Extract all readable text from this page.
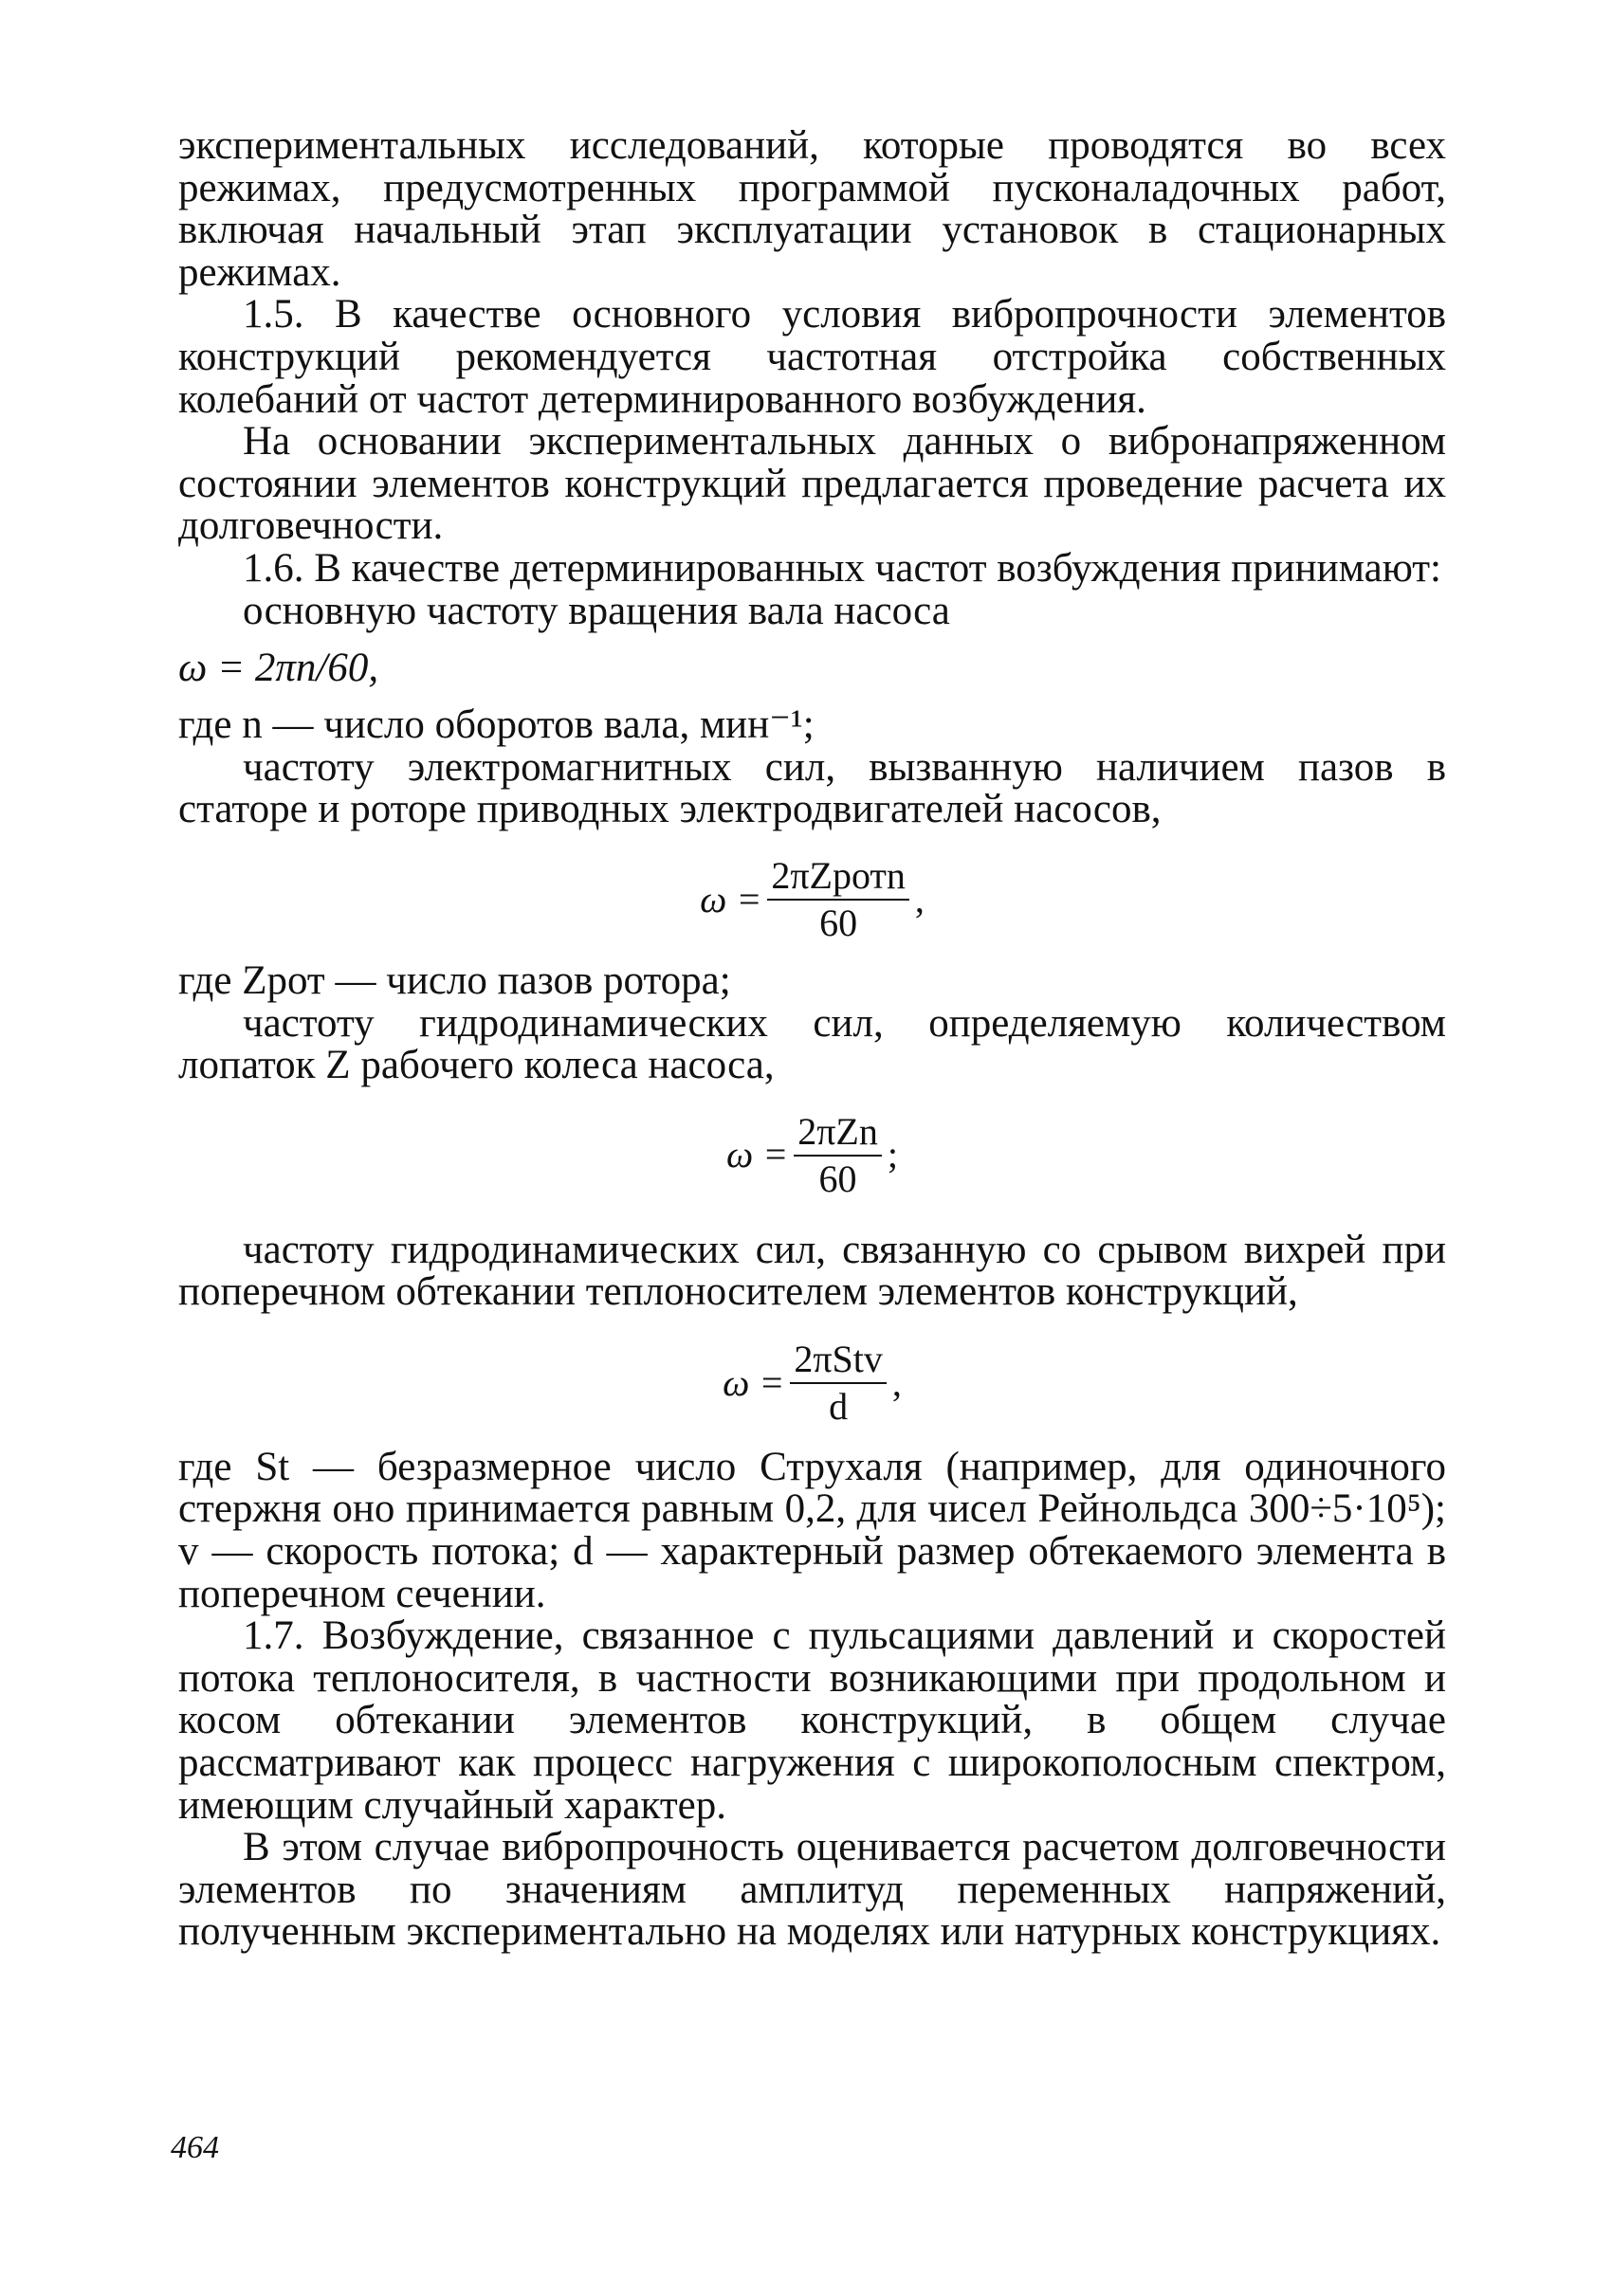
экспериментальных исследований, которые проводятся во всех режимах, предусмотренных программой пусконаладочных работ, включая начальный этап эксплуатации установок в стационарных режимах.

1.5. В качестве основного условия вибропрочности элементов конструкций рекомендуется частотная отстройка собственных колебаний от частот детерминированного возбуждения.

На основании экспериментальных данных о вибронапряженном состоянии элементов конструкций предлагается проведение расчета их долговечности.

1.6. В качестве детерминированных частот возбуждения принимают:

основную частоту вращения вала насоса

ω = 2πn/60,

где n — число оборотов вала, мин⁻¹;

частоту электромагнитных сил, вызванную наличием пазов в статоре и роторе приводных электродвигателей насосов,

$\omega = \frac{\text{2πZротn}}{60}$ ,

где Zрот — число пазов ротора;

частоту гидродинамических сил, определяемую количеством лопаток Z рабочего колеса насоса,

$\omega = \frac{\text{2πZn}}{60}$ ;

частоту гидродинамических сил, связанную со срывом вихрей при поперечном обтекании теплоносителем элементов конструкций,

$\omega = \frac{\text{2πStv}}{d}$ ,

где St — безразмерное число Струхаля (например, для одиночного стержня оно принимается равным 0,2, для чисел Рейнольдса 300÷5·10⁵); v — скорость потока; d — характерный размер обтекаемого элемента в поперечном сечении.

1.7. Возбуждение, связанное с пульсациями давлений и скоростей потока теплоносителя, в частности возникающими при продольном и косом обтекании элементов конструкций, в общем случае рассматривают как процесс нагружения с широкополосным спектром, имеющим случайный характер.

В этом случае вибропрочность оценивается расчетом долговечности элементов по значениям амплитуд переменных напряжений, полученным экспериментально на моделях или натурных конструкциях.

464
